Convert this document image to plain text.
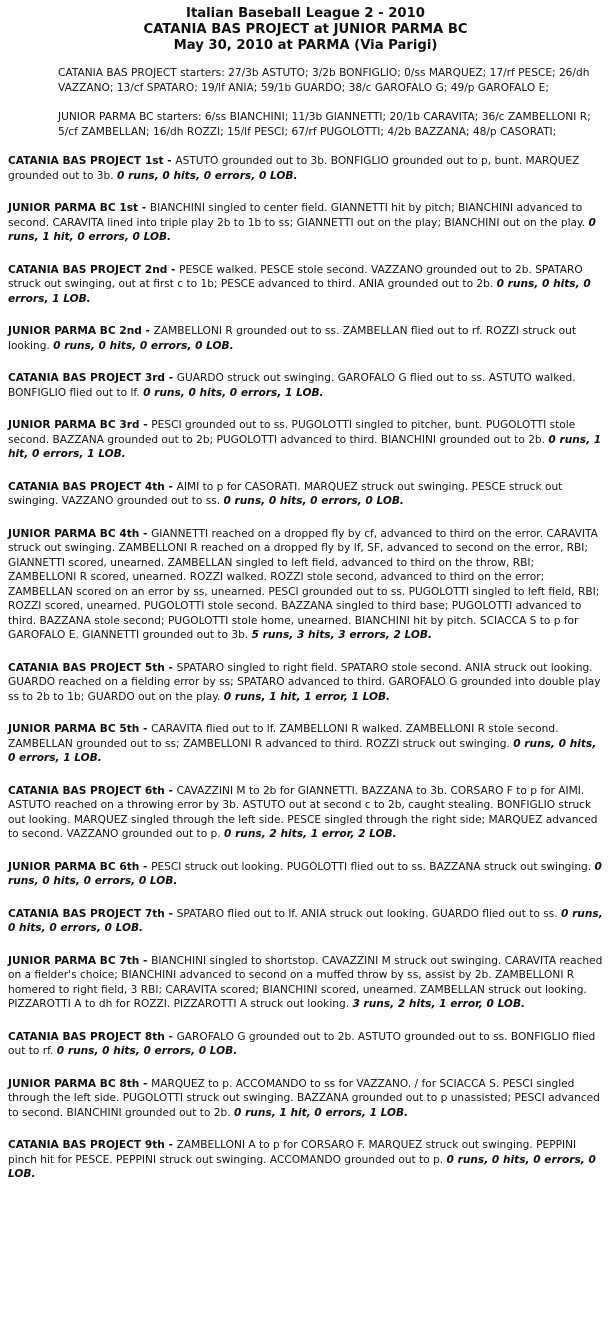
Italian Baseball League 2 - 2010
CATANIA BAS PROJECT at JUNIOR PARMA BC
May 30, 2010 at PARMA (Via Parigi)

CATANIA BAS PROJECT starters: 27/3b ASTUTO; 3/2b BONFIGLIO; 0/ss MARQUEZ; 17/rf PESCE; 26/dh VAZZANO; 13/cf SPATARO; 19/lf ANIA; 59/1b GUARDO; 38/c GAROFALO G; 49/p GAROFALO E;

JUNIOR PARMA BC starters: 6/ss BIANCHINI; 11/3b GIANNETTI; 20/1b CARAVITA; 36/c ZAMBELLONI R; 5/cf ZAMBELLAN; 16/dh ROZZI; 15/lf PESCI; 67/rf PUGOLOTTI; 4/2b BAZZANA; 48/p CASORATI;

CATANIA BAS PROJECT 1st - ASTUTO grounded out to 3b. BONFIGLIO grounded out to p, bunt. MARQUEZ grounded out to 3b. 0 runs, 0 hits, 0 errors, 0 LOB.

JUNIOR PARMA BC 1st - BIANCHINI singled to center field. GIANNETTI hit by pitch; BIANCHINI advanced to second. CARAVITA lined into triple play 2b to 1b to ss; GIANNETTI out on the play; BIANCHINI out on the play. 0 runs, 1 hit, 0 errors, 0 LOB.

CATANIA BAS PROJECT 2nd - PESCE walked. PESCE stole second. VAZZANO grounded out to 2b. SPATARO struck out swinging, out at first c to 1b; PESCE advanced to third. ANIA grounded out to 2b. 0 runs, 0 hits, 0 errors, 1 LOB.

JUNIOR PARMA BC 2nd - ZAMBELLONI R grounded out to ss. ZAMBELLAN flied out to rf. ROZZI struck out looking. 0 runs, 0 hits, 0 errors, 0 LOB.

CATANIA BAS PROJECT 3rd - GUARDO struck out swinging. GAROFALO G flied out to ss. ASTUTO walked. BONFIGLIO flied out to lf. 0 runs, 0 hits, 0 errors, 1 LOB.

JUNIOR PARMA BC 3rd - PESCI grounded out to ss. PUGOLOTTI singled to pitcher, bunt. PUGOLOTTI stole second. BAZZANA grounded out to 2b; PUGOLOTTI advanced to third. BIANCHINI grounded out to 2b. 0 runs, 1 hit, 0 errors, 1 LOB.

CATANIA BAS PROJECT 4th - AIMI to p for CASORATI. MARQUEZ struck out swinging. PESCE struck out swinging. VAZZANO grounded out to ss. 0 runs, 0 hits, 0 errors, 0 LOB.

JUNIOR PARMA BC 4th - GIANNETTI reached on a dropped fly by cf, advanced to third on the error. CARAVITA struck out swinging. ZAMBELLONI R reached on a dropped fly by lf, SF, advanced to second on the error, RBI; GIANNETTI scored, unearned. ZAMBELLAN singled to left field, advanced to third on the throw, RBI; ZAMBELLONI R scored, unearned. ROZZI walked. ROZZI stole second, advanced to third on the error; ZAMBELLAN scored on an error by ss, unearned. PESCI grounded out to ss. PUGOLOTTI singled to left field, RBI; ROZZI scored, unearned. PUGOLOTTI stole second. BAZZANA singled to third base; PUGOLOTTI advanced to third. BAZZANA stole second; PUGOLOTTI stole home, unearned. BIANCHINI hit by pitch. SCIACCA S to p for GAROFALO E. GIANNETTI grounded out to 3b. 5 runs, 3 hits, 3 errors, 2 LOB.

CATANIA BAS PROJECT 5th - SPATARO singled to right field. SPATARO stole second. ANIA struck out looking. GUARDO reached on a fielding error by ss; SPATARO advanced to third. GAROFALO G grounded into double play ss to 2b to 1b; GUARDO out on the play. 0 runs, 1 hit, 1 error, 1 LOB.

JUNIOR PARMA BC 5th - CARAVITA flied out to lf. ZAMBELLONI R walked. ZAMBELLONI R stole second. ZAMBELLAN grounded out to ss; ZAMBELLONI R advanced to third. ROZZI struck out swinging. 0 runs, 0 hits, 0 errors, 1 LOB.

CATANIA BAS PROJECT 6th - CAVAZZINI M to 2b for GIANNETTI. BAZZANA to 3b. CORSARO F to p for AIMI. ASTUTO reached on a throwing error by 3b. ASTUTO out at second c to 2b, caught stealing. BONFIGLIO struck out looking. MARQUEZ singled through the left side. PESCE singled through the right side; MARQUEZ advanced to second. VAZZANO grounded out to p. 0 runs, 2 hits, 1 error, 2 LOB.

JUNIOR PARMA BC 6th - PESCI struck out looking. PUGOLOTTI flied out to ss. BAZZANA struck out swinging. 0 runs, 0 hits, 0 errors, 0 LOB.

CATANIA BAS PROJECT 7th - SPATARO flied out to lf. ANIA struck out looking. GUARDO flied out to ss. 0 runs, 0 hits, 0 errors, 0 LOB.

JUNIOR PARMA BC 7th - BIANCHINI singled to shortstop. CAVAZZINI M struck out swinging. CARAVITA reached on a fielder's choice; BIANCHINI advanced to second on a muffed throw by ss, assist by 2b. ZAMBELLONI R homered to right field, 3 RBI; CARAVITA scored; BIANCHINI scored, unearned. ZAMBELLAN struck out looking. PIZZAROTTI A to dh for ROZZI. PIZZAROTTI A struck out looking. 3 runs, 2 hits, 1 error, 0 LOB.

CATANIA BAS PROJECT 8th - GAROFALO G grounded out to 2b. ASTUTO grounded out to ss. BONFIGLIO flied out to rf. 0 runs, 0 hits, 0 errors, 0 LOB.

JUNIOR PARMA BC 8th - MARQUEZ to p. ACCOMANDO to ss for VAZZANO. / for SCIACCA S. PESCI singled through the left side. PUGOLOTTI struck out swinging. BAZZANA grounded out to p unassisted; PESCI advanced to second. BIANCHINI grounded out to 2b. 0 runs, 1 hit, 0 errors, 1 LOB.

CATANIA BAS PROJECT 9th - ZAMBELLONI A to p for CORSARO F. MARQUEZ struck out swinging. PEPPINI pinch hit for PESCE. PEPPINI struck out swinging. ACCOMANDO grounded out to p. 0 runs, 0 hits, 0 errors, 0 LOB.
